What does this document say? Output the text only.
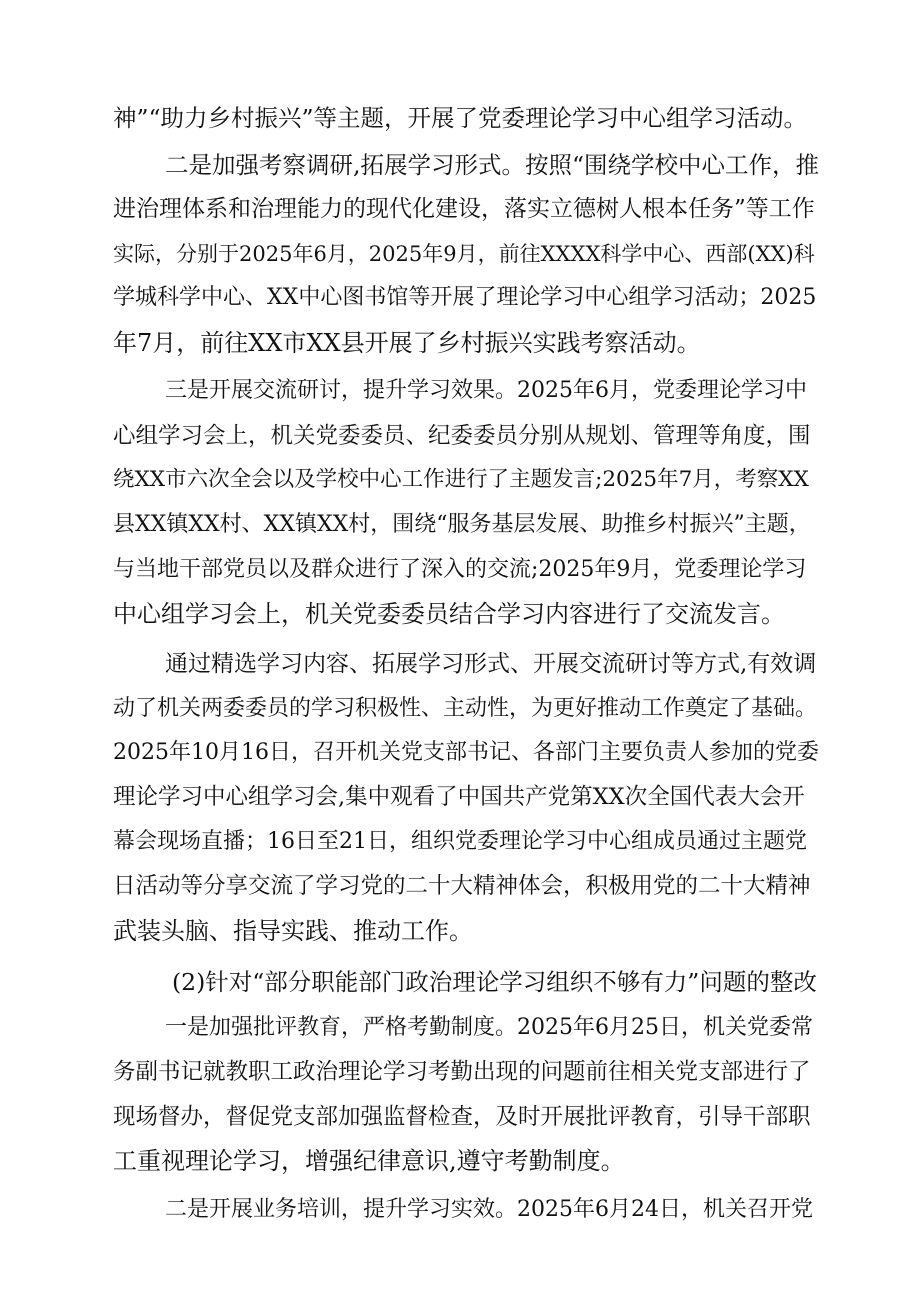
神”“助力乡村振兴”等主题，开展了党委理论学习中心组学习活动。

二是加强考察调研,拓展学习形式。按照“围绕学校中心工作，推

进治理体系和治理能力的现代化建设，落实立德树人根本任务”等工作

实际，分别于2025年6月，2025年9月，前往XXXX科学中心、西部(XX)科

学城科学中心、XX中心图书馆等开展了理论学习中心组学习活动；2025

年7月，前往XX市XX县开展了乡村振兴实践考察活动。

三是开展交流研讨，提升学习效果。2025年6月，党委理论学习中

心组学习会上，机关党委委员、纪委委员分别从规划、管理等角度，围

绕XX市六次全会以及学校中心工作进行了主题发言;2025年7月，考察XX

县XX镇XX村、XX镇XX村，围绕“服务基层发展、助推乡村振兴”主题，

与当地干部党员以及群众进行了深入的交流;2025年9月，党委理论学习

中心组学习会上，机关党委委员结合学习内容进行了交流发言。

通过精选学习内容、拓展学习形式、开展交流研讨等方式,有效调

动了机关两委委员的学习积极性、主动性，为更好推动工作奠定了基础。

2025年10月16日，召开机关党支部书记、各部门主要负责人参加的党委

理论学习中心组学习会,集中观看了中国共产党第XX次全国代表大会开

幕会现场直播；16日至21日，组织党委理论学习中心组成员通过主题党

日活动等分享交流了学习党的二十大精神体会，积极用党的二十大精神

武装头脑、指导实践、推动工作。

(2)针对“部分职能部门政治理论学习组织不够有力”问题的整改

一是加强批评教育，严格考勤制度。2025年6月25日，机关党委常

务副书记就教职工政治理论学习考勤出现的问题前往相关党支部进行了

现场督办，督促党支部加强监督检查，及时开展批评教育，引导干部职

工重视理论学习，增强纪律意识,遵守考勤制度。

二是开展业务培训，提升学习实效。2025年6月24日，机关召开党
